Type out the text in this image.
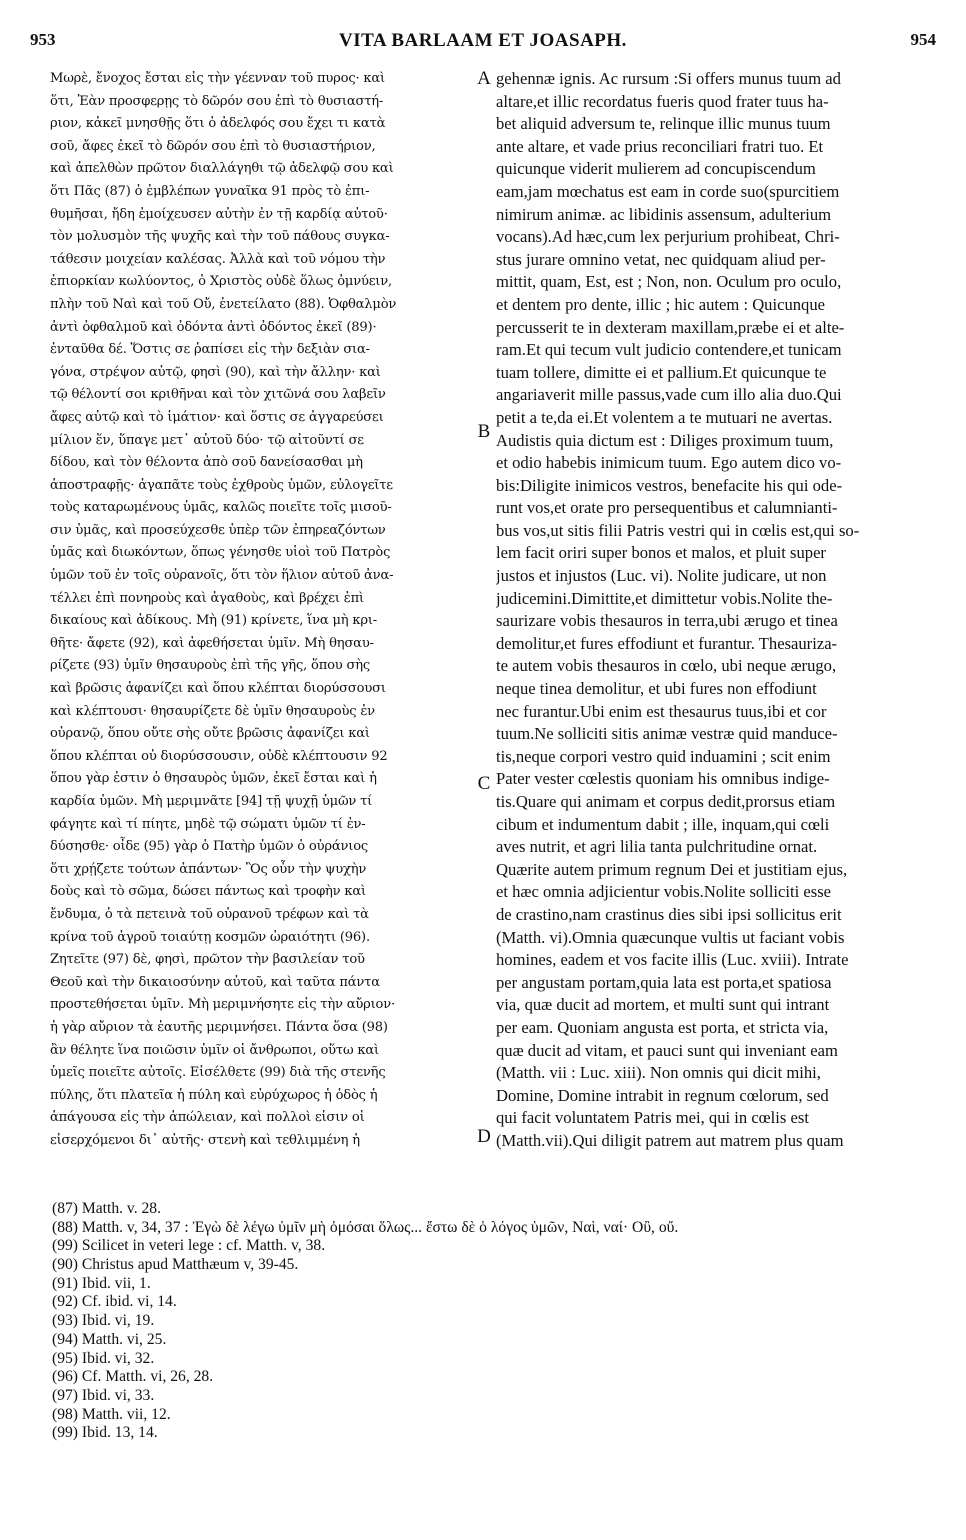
953	VITA BARLAAM ET JOASAPH.	954
Μωρὲ, ἔνοχος ἔσται εἰς τὴν γέενναν τοῦ πυρος· καὶ
ὅτι, Ἐὰν προσφερῃς τὸ δῶρόν σου ἐπὶ τὸ θυσιαστή-
ριον, κἀκεῖ μνησθῇς ὅτι ὁ ἀδελφός σου ἔχει τι κατὰ
σοῦ, ἄφες ἐκεῖ τὸ δῶρόν σου ἐπὶ τὸ θυσιαστήριον,
καὶ ἀπελθὼν πρῶτον διαλλάγηθι τῷ ἀδελφῷ σου καὶ
ὅτι Πᾶς (87) ὁ ἐμβλέπων γυναῖκα 91 πρὸς τὸ ἐπι-
θυμῆσαι, ἤδη ἐμοίχευσεν αὐτὴν ἐν τῇ καρδίᾳ αὐτοῦ·
τὸν μολυσμὸν τῆς ψυχῆς καὶ τὴν τοῦ πάθους συγκα-
τάθεσιν μοιχείαν καλέσας. Ἀλλὰ καὶ τοῦ νόμου τὴν
ἐπιορκίαν κωλύοντος, ὁ Χριστὸς οὐδὲ ὅλως ὀμνύειν,
πλὴν τοῦ Ναὶ καὶ τοῦ Οὔ, ἐνετείλατο (88). Ὀφθαλμὸν
ἀντὶ ὀφθαλμοῦ καὶ ὀδόντα ἀντὶ ὀδόντος ἐκεῖ (89)·
ἐνταῦθα δέ. Ὅστις σε ῥαπίσει εἰς τὴν δεξιὰν σια-
γόνα, στρέψον αὐτῷ, φησὶ (90), καὶ τὴν ἄλλην· καὶ
τῷ θέλοντί σοι κριθῆναι καὶ τὸν χιτῶνά σου λαβεῖν
ἄφες αὐτῷ καὶ τὸ ἱμάτιον· καὶ ὅστις σε ἀγγαρεύσει
μίλιον ἕν, ὕπαγε μετ᾽ αὐτοῦ δύο· τῷ αἰτοῦντί σε
δίδου, καὶ τὸν θέλοντα ἀπὸ σοῦ δανείσασθαι μὴ
ἀποστραφῇς· ἀγαπᾶτε τοὺς ἐχθροὺς ὑμῶν, εὐλογεῖτε
τοὺς καταρωμένους ὑμᾶς, καλῶς ποιεῖτε τοῖς μισοῦ-
σιν ὑμᾶς, καὶ προσεύχεσθε ὑπὲρ τῶν ἐπηρεαζόντων
ὑμᾶς καὶ διωκόντων, ὅπως γένησθε υἱοὶ τοῦ Πατρὸς
ὑμῶν τοῦ ἐν τοῖς οὐρανοῖς, ὅτι τὸν ἥλιον αὐτοῦ ἀνα-
τέλλει ἐπὶ πονηροὺς καὶ ἀγαθοὺς, καὶ βρέχει ἐπὶ
δικαίους καὶ ἀδίκους. Μὴ (91) κρίνετε, ἵνα μὴ κρι-
θῆτε· ἄφετε (92), καὶ ἀφεθήσεται ὑμῖν. Μὴ θησαυ-
ρίζετε (93) ὑμῖν θησαυροὺς ἐπὶ τῆς γῆς, ὅπου σὴς
καὶ βρῶσις ἀφανίζει καὶ ὅπου κλέπται διορύσσουσι
καὶ κλέπτουσι· θησαυρίζετε δὲ ὑμῖν θησαυροὺς ἐν
οὐρανῷ, ὅπου οὔτε σὴς οὔτε βρῶσις ἀφανίζει καὶ
ὅπου κλέπται οὐ διορύσσουσιν, οὐδὲ κλέπτουσιν 92
ὅπου γὰρ ἐστιν ὁ θησαυρὸς ὑμῶν, ἐκεῖ ἔσται καὶ ἡ
καρδία ὑμῶν. Μὴ μεριμνᾶτε [94] τῇ ψυχῇ ὑμῶν τί
φάγητε καὶ τί πίητε, μηδὲ τῷ σώματι ὑμῶν τί ἐν-
δύσησθε· οἶδε (95) γὰρ ὁ Πατὴρ ὑμῶν ὁ οὐράνιος
ὅτι χρῄζετε τούτων ἁπάντων· Ὃς οὖν τὴν ψυχὴν
δοὺς καὶ τὸ σῶμα, δώσει πάντως καὶ τροφὴν καὶ
ἔνδυμα, ὁ τὰ πετεινὰ τοῦ οὐρανοῦ τρέφων καὶ τὰ
κρίνα τοῦ ἀγροῦ τοιαύτῃ κοσμῶν ὡραιότητι (96).
Ζητεῖτε (97) δὲ, φησὶ, πρῶτον τὴν βασιλείαν τοῦ
Θεοῦ καὶ τὴν δικαιοσύνην αὐτοῦ, καὶ ταῦτα πάντα
προστεθήσεται ὑμῖν. Μὴ μεριμνήσητε εἰς τὴν αὔριον·
ἡ γὰρ αὔριον τὰ ἑαυτῆς μεριμνήσει. Πάντα ὅσα (98)
ἂν θέλητε ἵνα ποιῶσιν ὑμῖν οἱ ἄνθρωποι, οὕτω καὶ
ὑμεῖς ποιεῖτε αὐτοῖς. Εἰσέλθετε (99) διὰ τῆς στενῆς
πύλης, ὅτι πλατεῖα ἡ πύλη καὶ εὐρύχωρος ἡ ὁδὸς ἡ
ἀπάγουσα εἰς τὴν ἀπώλειαν, καὶ πολλοὶ εἰσιν οἱ
εἰσερχόμενοι δι᾽ αὐτῆς· στενὴ καὶ τεθλιμμένη ἡ
gehennæ ignis. Ac rursum :Si offers munus tuum ad
altare,et illic recordatus fueris quod frater tuus ha-
bet aliquid adversum te, relinque illic munus tuum
ante altare, et vade prius reconciliari fratri tuo. Et
quicunque viderit mulierem ad concupiscendum
eam,jam mœchatus est eam in corde suo(spurcitiem
nimirum animæ. ac libidinis assensum, adulterium
vocans).Ad hæc,cum lex perjurium prohibeat, Chri-
stus jurare omnino vetat, nec quidquam aliud per-
mittit, quam, Est, est ; Non, non. Oculum pro oculo,
et dentem pro dente, illic ; hic autem : Quicunque
percusserit te in dexteram maxillam,præbe ei et alte-
ram.Et qui tecum vult judicio contendere,et tunicam
tuam tollere, dimitte ei et pallium.Et quicunque te
angariaverit mille passus,vade cum illo alia duo.Qui
petit a te,da ei.Et volentem a te mutuari ne avertas.
Audistis quia dictum est : Diliges proximum tuum,
et odio habebis inimicum tuum. Ego autem dico vo-
bis:Diligite inimicos vestros, benefacite his qui ode-
runt vos,et orate pro persequentibus et calumnianti-
bus vos,ut sitis filii Patris vestri qui in cœlis est,qui so-
lem facit oriri super bonos et malos, et pluit super
justos et injustos (Luc. vi). Nolite judicare, ut non
judicemini.Dimittite,et dimittetur vobis.Nolite the-
saurizare vobis thesauros in terra,ubi ærugo et tinea
demolitur,et fures effodiunt et furantur. Thesauriza-
te autem vobis thesauros in cœlo, ubi neque ærugo,
neque tinea demolitur, et ubi fures non effodiunt
nec furantur.Ubi enim est thesaurus tuus,ibi et cor
tuum.Ne solliciti sitis animæ vestræ quid manduce-
tis,neque corpori vestro quid induamini ; scit enim
Pater vester cœlestis quoniam his omnibus indige-
tis.Quare qui animam et corpus dedit,prorsus etiam
cibum et indumentum dabit ; ille, inquam,qui cœli
aves nutrit, et agri lilia tanta pulchritudine ornat.
Quærite autem primum regnum Dei et justitiam ejus,
et hæc omnia adjicientur vobis.Nolite solliciti esse
de crastino,nam crastinus dies sibi ipsi sollicitus erit
(Matth. vi).Omnia quæcunque vultis ut faciant vobis
homines, eadem et vos facite illis (Luc. xviii). Intrate
per angustam portam,quia lata est porta,et spatiosa
via, quæ ducit ad mortem, et multi sunt qui intrant
per eam. Quoniam angusta est porta, et stricta via,
quæ ducit ad vitam, et pauci sunt qui inveniant eam
(Matth. vii : Luc. xiii). Non omnis qui dicit mihi,
Domine, Domine intrabit in regnum cœlorum, sed
qui facit voluntatem Patris mei, qui in cœlis est
(Matth.vii).Qui diligit patrem aut matrem plus quam
A
B
C
D
(87) Matth. v. 28.
(88) Matth. v, 34, 37 : Ἐγὼ δὲ λέγω ὑμῖν μὴ ὀμόσαι ὅλως... ἔστω δὲ ὁ λόγος ὑμῶν, Ναὶ, ναί· Οὒ, οὔ.
(99) Scilicet in veteri lege : cf. Matth. v, 38.
(90) Christus apud Matthæum v, 39-45.
(91) Ibid. vii, 1.
(92) Cf. ibid. vi, 14.
(93) Ibid. vi, 19.
(94) Matth. vi, 25.
(95) Ibid. vi, 32.
(96) Cf. Matth. vi, 26, 28.
(97) Ibid. vi, 33.
(98) Matth. vii, 12.
(99) Ibid. 13, 14.
